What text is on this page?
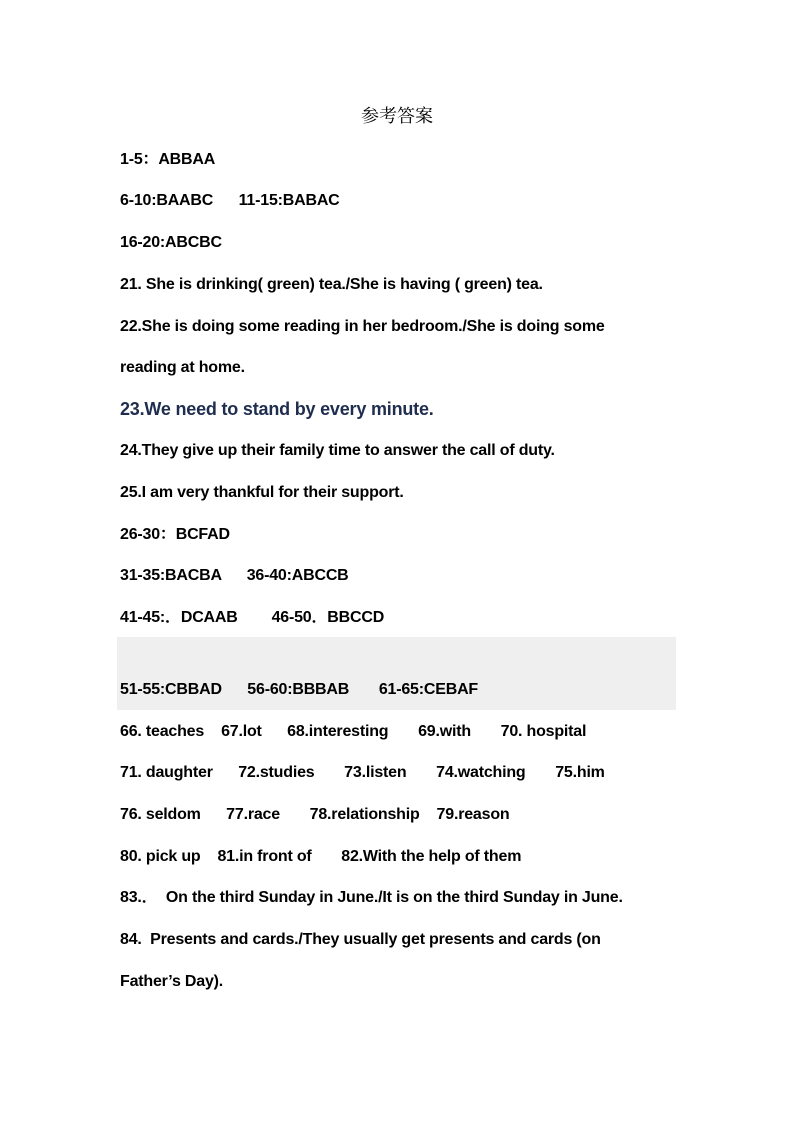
参考答案
1-5：ABBAA
6-10:BAABC      11-15:BABAC
16-20:ABCBC
21. She is drinking( green) tea./She is having ( green) tea.
22.She is doing some reading in her bedroom./She is doing some
reading at home.
23.We need to stand by every minute.
24.They give up their family time to answer the call of duty.
25.I am very thankful for their support.
26-30：BCFAD
31-35:BACBA      36-40:ABCCB
41-45:．DCAAB        46-50．BBCCD
51-55:CBBAD      56-60:BBBAB       61-65:CEBAF
66. teaches    67.lot      68.interesting       69.with       70. hospital
71. daughter      72.studies       73.listen       74.watching       75.him
76. seldom      77.race       78.relationship    79.reason
80. pick up    81.in front of       82.With the help of them
83.．  On the third Sunday in June./It is on the third Sunday in June.
84.  Presents and cards./They usually get presents and cards (on
Father’s Day).
